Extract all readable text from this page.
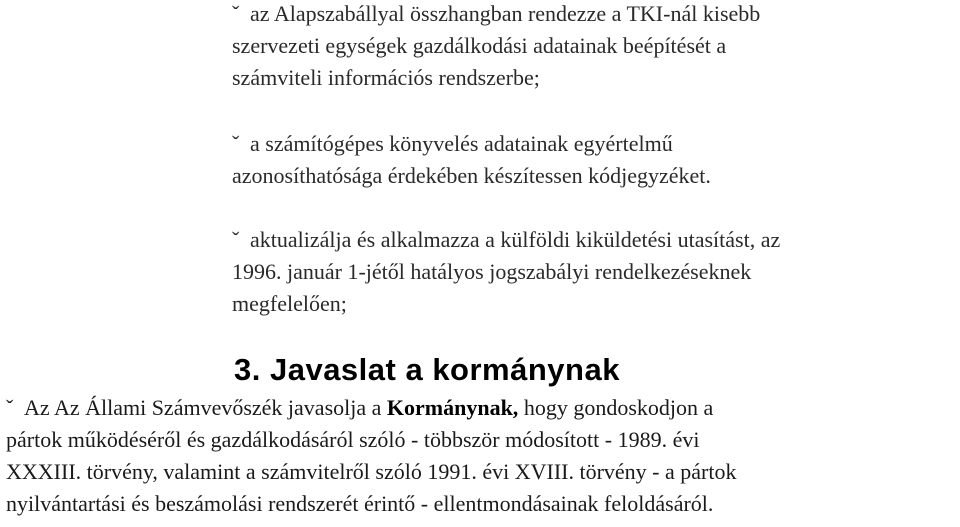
ˇ az Alapszabállyal összhangban rendezze a TKI-nál kisebb
szervezeti egységek gazdálkodási adatainak beépítését a
számviteli információs rendszerbe;
ˇ a számítógépes könyvelés adatainak egyértelmű
azonosíthatósága érdekében készítessen kódjegyzéket.
ˇ aktualizálja és alkalmazza a külföldi kiküldetési utasítást, az
1996. január 1-jétől hatályos jogszabályi rendelkezéseknek
megfelelően;
3. Javaslat a kormánynak
ˇ Az Az Állami Számvevőszék javasolja a Kormánynak, hogy gondoskodjon a
pártok működéséről és gazdálkodásáról szóló - többször módosított - 1989. évi
XXXIII. törvény, valamint a számvitelről szóló 1991. évi XVIII. törvény - a pártok
nyilvántartási és beszámolási rendszerét érintő - ellentmondásainak feloldásáról.
